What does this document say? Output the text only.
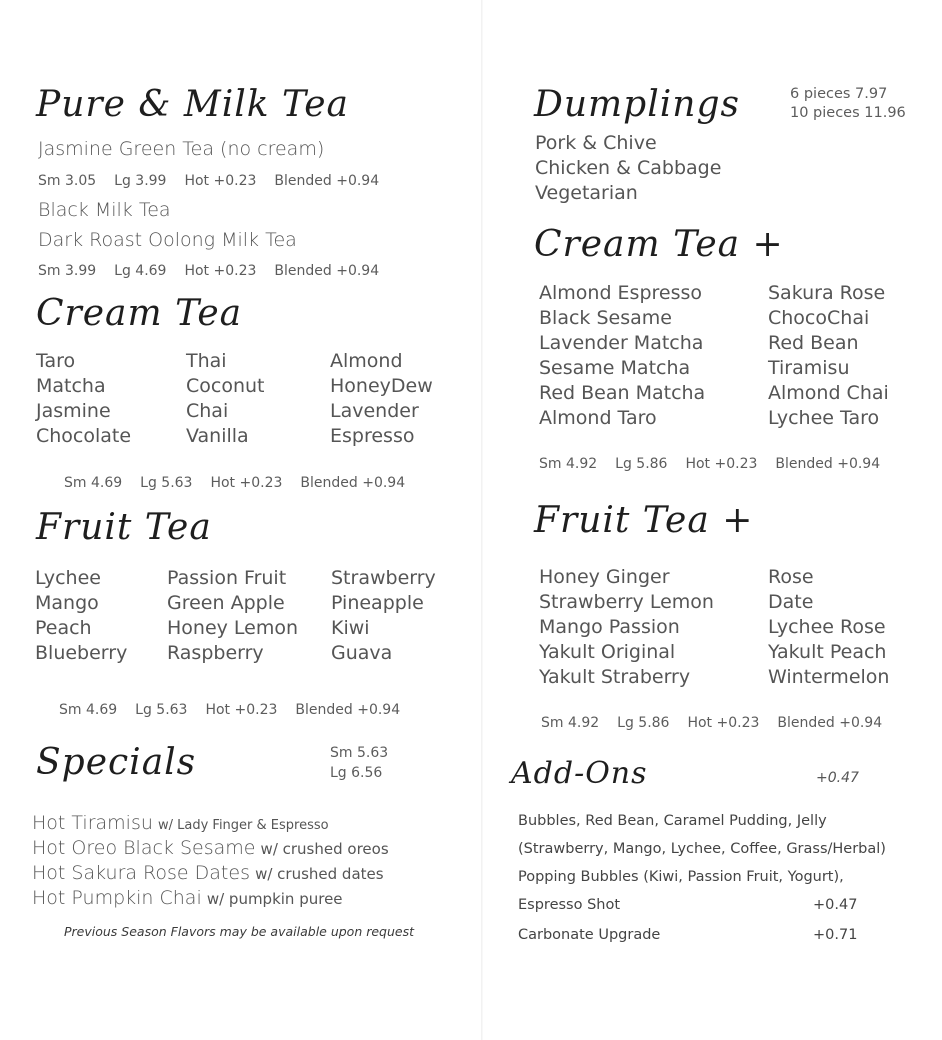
Pure & Milk Tea
Jasmine Green Tea (no cream)
Sm 3.05 Lg 3.99 Hot +0.23 Blended +0.94
Black Milk Tea
Dark Roast Oolong Milk Tea
Sm 3.99 Lg 4.69 Hot +0.23 Blended +0.94
Cream Tea
Taro
Matcha
Jasmine
Chocolate
Thai
Coconut
Chai
Vanilla
Almond
HoneyDew
Lavender
Espresso
Sm 4.69 Lg 5.63 Hot +0.23 Blended +0.94
Fruit Tea
Lychee
Mango
Peach
Blueberry
Passion Fruit
Green Apple
Honey Lemon
Raspberry
Strawberry
Pineapple
Kiwi
Guava
Sm 4.69 Lg 5.63 Hot +0.23 Blended +0.94
Specials	Sm 5.63
Lg 6.56
Hot Tiramisu w/ Lady Finger & Espresso
Hot Oreo Black Sesame w/ crushed oreos
Hot Sakura Rose Dates w/ crushed dates
Hot Pumpkin Chai w/ pumpkin puree
Previous Season Flavors may be available upon request
Dumplings	6 pieces 7.97
10 pieces 11.96
Pork & Chive
Chicken & Cabbage
Vegetarian
Cream Tea +
Almond Espresso
Black Sesame
Lavender Matcha
Sesame Matcha
Red Bean Matcha
Almond Taro
Sakura Rose
ChocoChai
Red Bean
Tiramisu
Almond Chai
Lychee Taro
Sm 4.92 Lg 5.86 Hot +0.23 Blended +0.94
Fruit Tea +
Honey Ginger
Strawberry Lemon
Mango Passion
Yakult Original
Yakult Straberry
Rose
Date
Lychee Rose
Yakult Peach
Wintermelon
Sm 4.92 Lg 5.86 Hot +0.23 Blended +0.94
Add-Ons	+0.47
Bubbles, Red Bean, Caramel Pudding, Jelly
(Strawberry, Mango, Lychee, Coffee, Grass/Herbal)
Popping Bubbles (Kiwi, Passion Fruit, Yogurt),
Espresso Shot	+0.47
Carbonate Upgrade	+0.71
